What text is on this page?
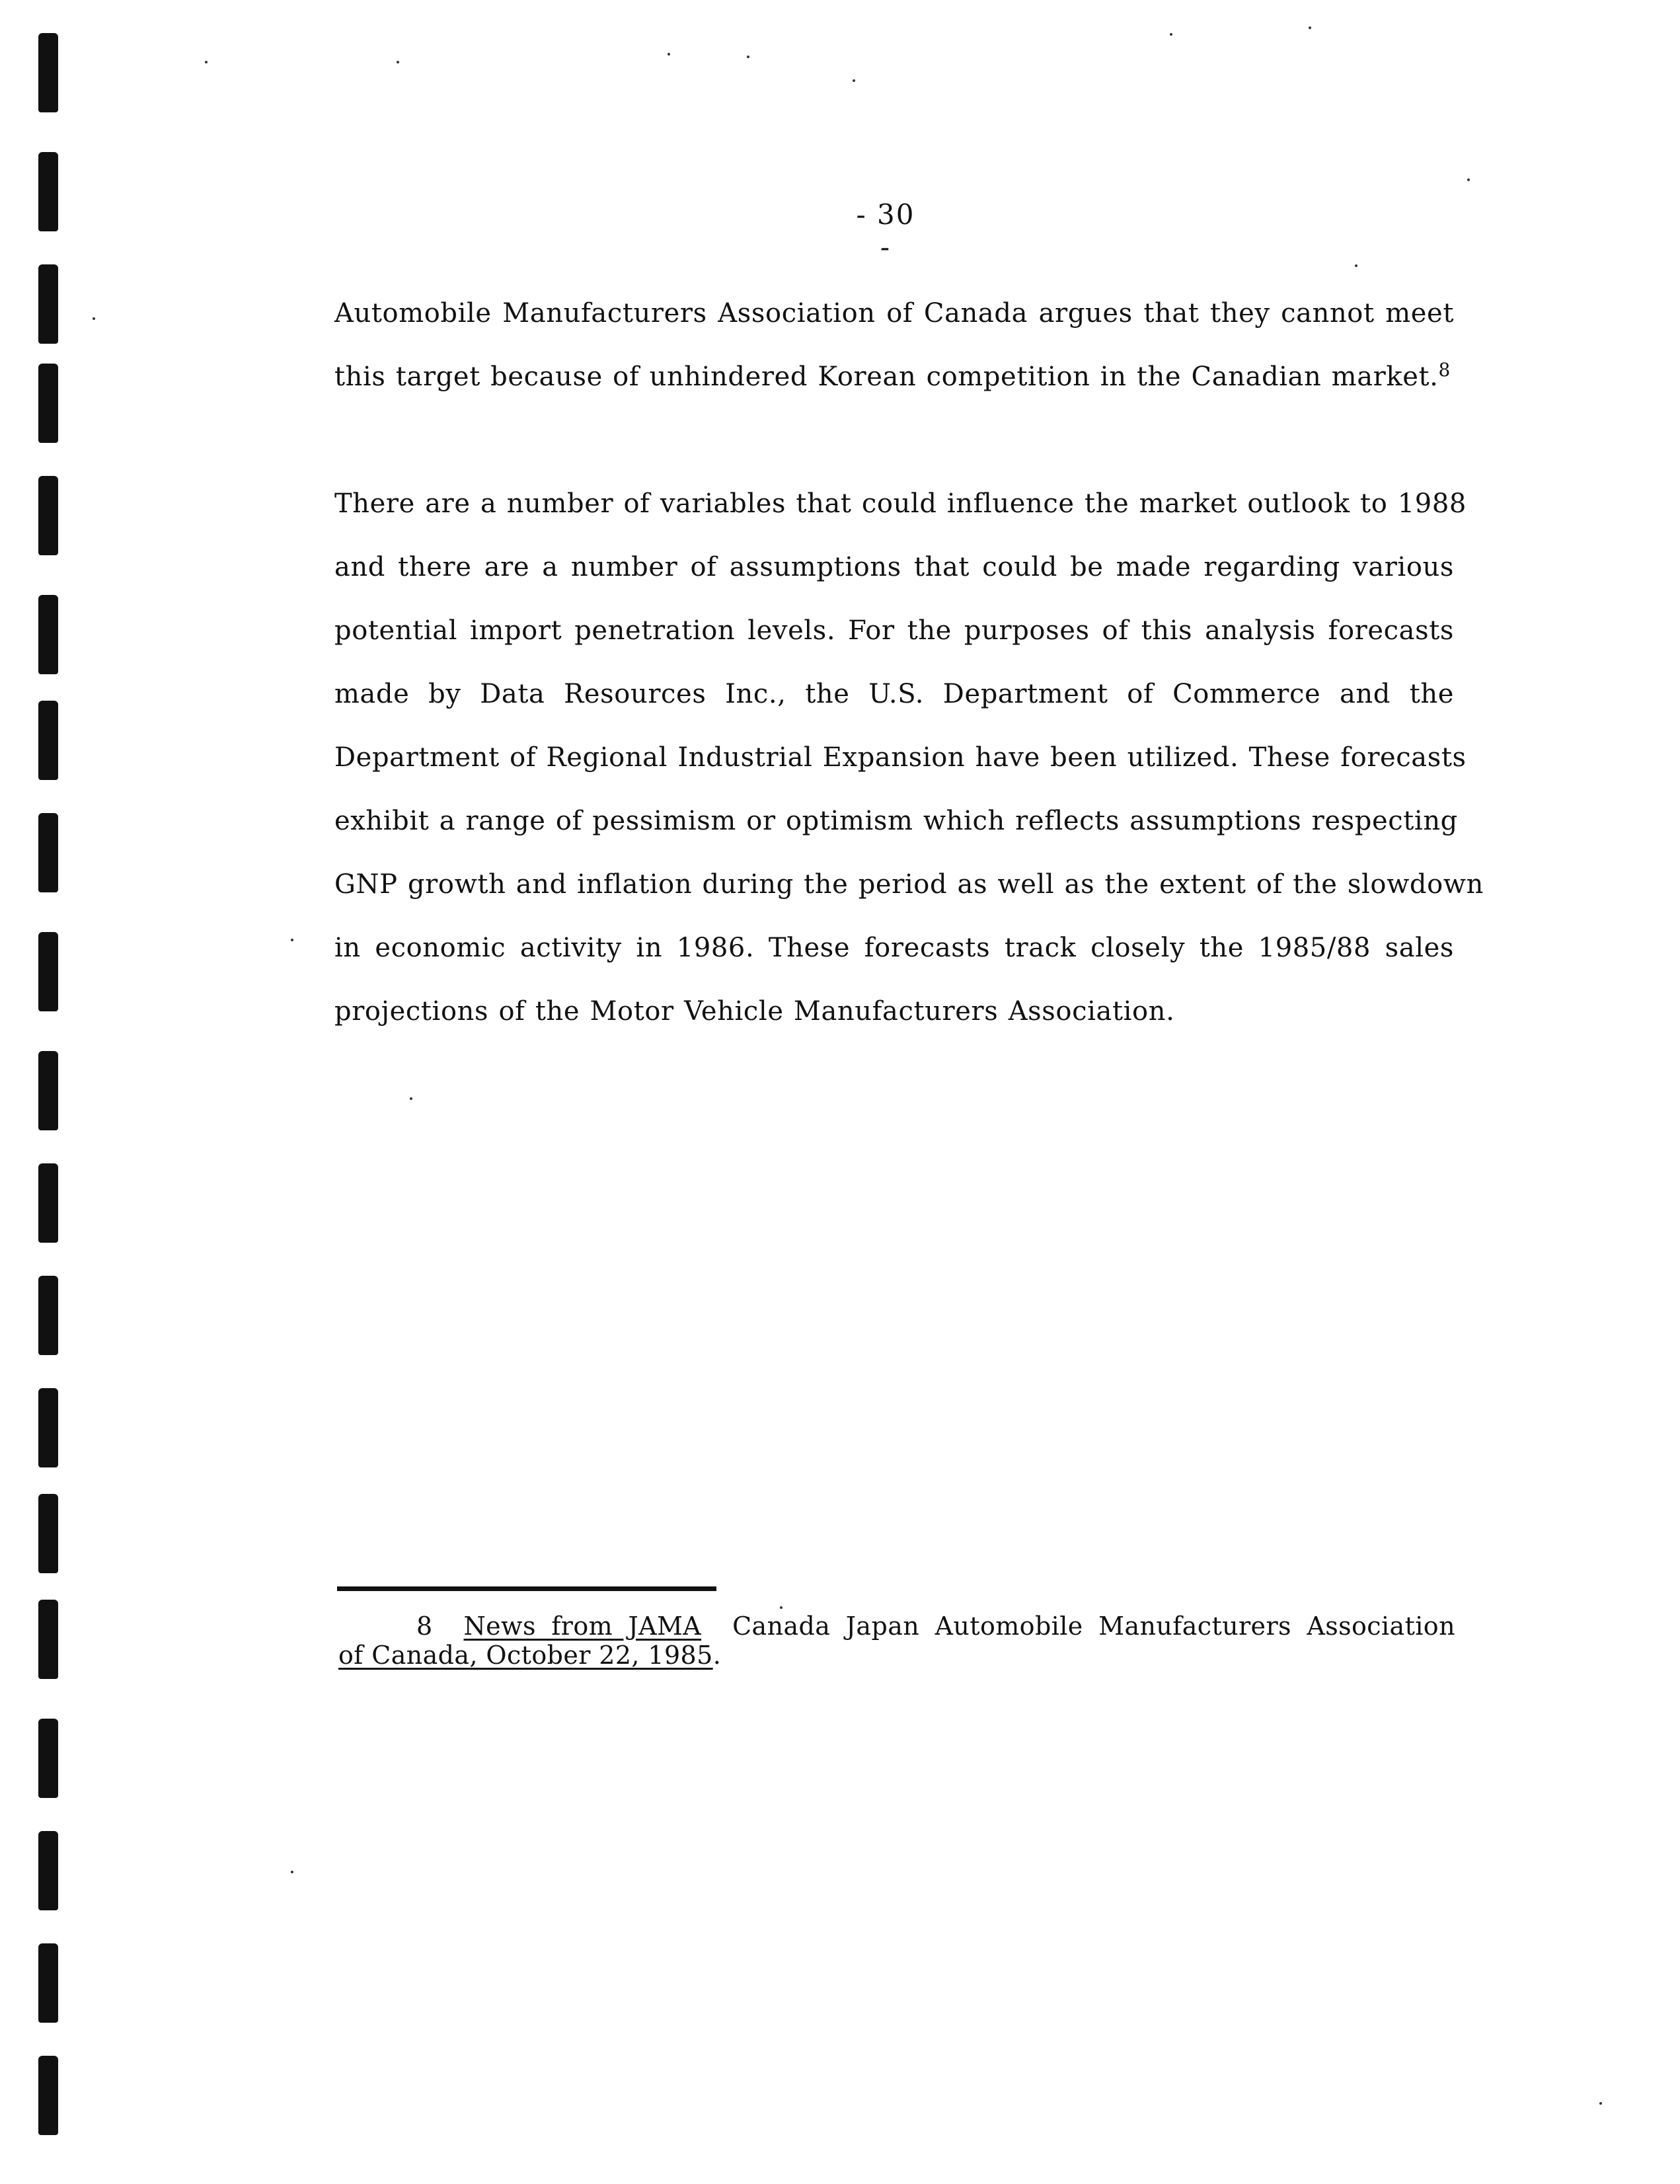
- 30 -

Automobile Manufacturers Association of Canada argues that they cannot meet
this target because of unhindered Korean competition in the Canadian market.$^8$

There are a number of variables that could influence the market outlook to 1988
and there are a number of assumptions that could be made regarding various
potential import penetration levels. For the purposes of this analysis forecasts
made by Data Resources Inc., the U.S. Department of Commerce and the
Department of Regional Industrial Expansion have been utilized. These forecasts
exhibit a range of pessimism or optimism which reflects assumptions respecting
GNP growth and inflation during the period as well as the extent of the slowdown
in economic activity in 1986. These forecasts track closely the 1985/88 sales
projections of the Motor Vehicle Manufacturers Association.

8 News from JAMA Canada Japan Automobile Manufacturers Association
of Canada, October 22, 1985.
